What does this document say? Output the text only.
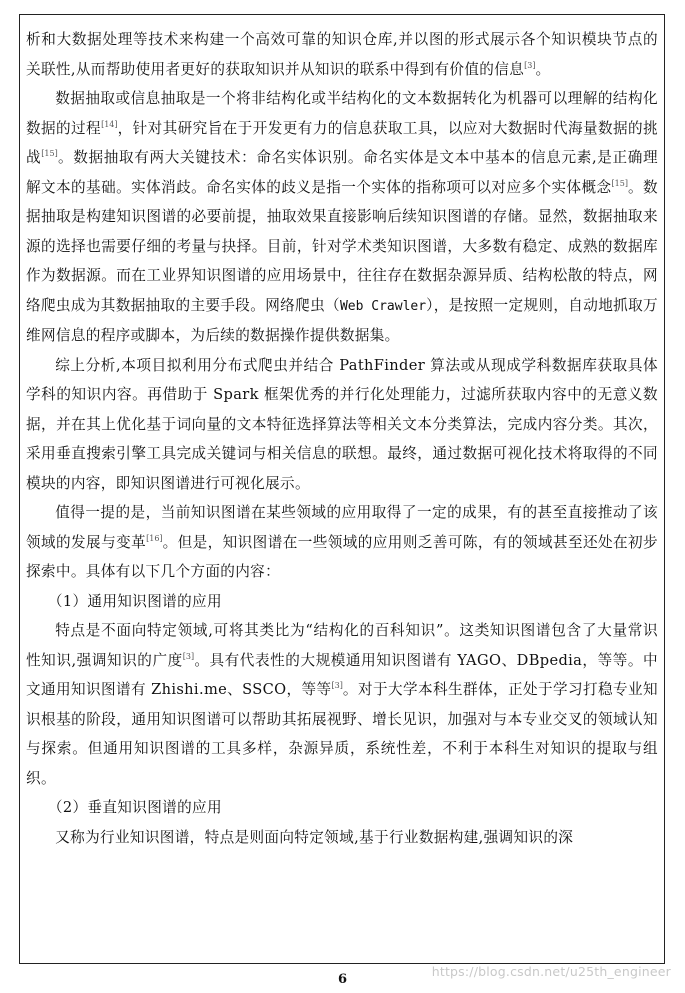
析和大数据处理等技术来构建一个高效可靠的知识仓库,并以图的形式展示各个知识模块节点的关联性,从而帮助使用者更好的获取知识并从知识的联系中得到有价值的信息[3]。

数据抽取或信息抽取是一个将非结构化或半结构化的文本数据转化为机器可以理解的结构化数据的过程[14]，针对其研究旨在于开发更有力的信息获取工具，以应对大数据时代海量数据的挑战[15]。数据抽取有两大关键技术：命名实体识别。命名实体是文本中基本的信息元素,是正确理解文本的基础。实体消歧。命名实体的歧义是指一个实体的指称项可以对应多个实体概念[15]。数据抽取是构建知识图谱的必要前提，抽取效果直接影响后续知识图谱的存储。显然，数据抽取来源的选择也需要仔细的考量与抉择。目前，针对学术类知识图谱，大多数有稳定、成熟的数据库作为数据源。而在工业界知识图谱的应用场景中，往往存在数据杂源异质、结构松散的特点，网络爬虫成为其数据抽取的主要手段。网络爬虫（Web Crawler），是按照一定规则，自动地抓取万维网信息的程序或脚本，为后续的数据操作提供数据集。

综上分析,本项目拟利用分布式爬虫并结合 PathFinder 算法或从现成学科数据库获取具体学科的知识内容。再借助于 Spark 框架优秀的并行化处理能力，过滤所获取内容中的无意义数据，并在其上优化基于词向量的文本特征选择算法等相关文本分类算法，完成内容分类。其次，采用垂直搜索引擎工具完成关键词与相关信息的联想。最终，通过数据可视化技术将取得的不同模块的内容，即知识图谱进行可视化展示。

值得一提的是，当前知识图谱在某些领域的应用取得了一定的成果，有的甚至直接推动了该领域的发展与变革[16]。但是，知识图谱在一些领域的应用则乏善可陈，有的领域甚至还处在初步探索中。具体有以下几个方面的内容：

（1）通用知识图谱的应用

特点是不面向特定领域,可将其类比为“结构化的百科知识”。这类知识图谱包含了大量常识性知识,强调知识的广度[3]。具有代表性的大规模通用知识图谱有 YAGO、DBpedia，等等。中文通用知识图谱有 Zhishi.me、SSCO，等等[3]。对于大学本科生群体，正处于学习打稳专业知识根基的阶段，通用知识图谱可以帮助其拓展视野、增长见识，加强对与本专业交叉的领域认知与探索。但通用知识图谱的工具多样，杂源异质，系统性差，不利于本科生对知识的提取与组织。

（2）垂直知识图谱的应用

又称为行业知识图谱，特点是则面向特定领域,基于行业数据构建,强调知识的深

6
https://blog.csdn.net/u25th_engineer
